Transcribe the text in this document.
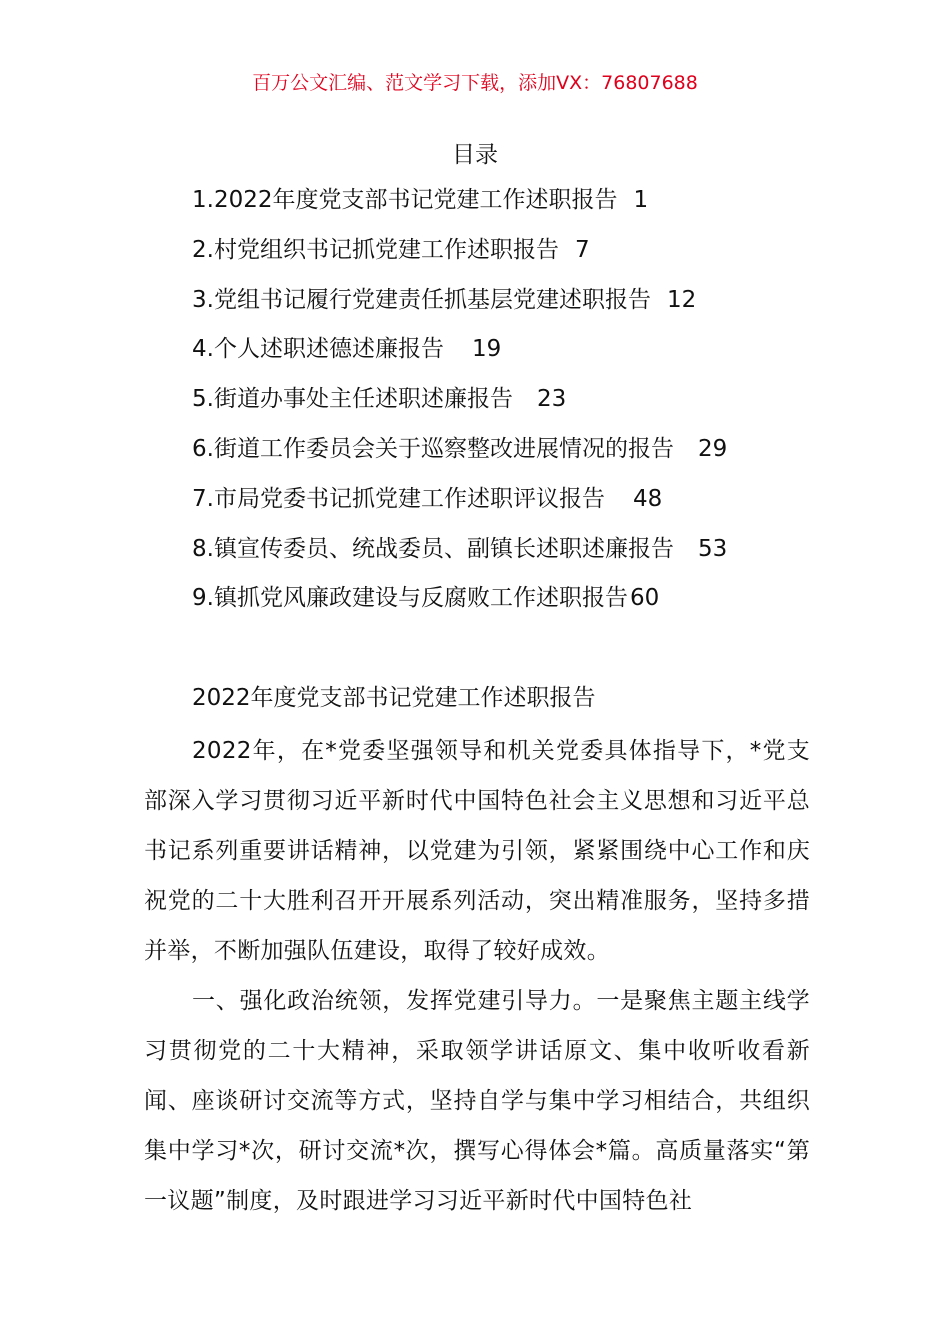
百万公文汇编、范文学习下载，添加VX：76807688
目录
1.2022年度党支部书记党建工作述职报告 1
2.村党组织书记抓党建工作述职报告 7
3.党组书记履行党建责任抓基层党建述职报告 12
4.个人述职述德述廉报告 19
5.街道办事处主任述职述廉报告 23
6.街道工作委员会关于巡察整改进展情况的报告 29
7.市局党委书记抓党建工作述职评议报告 48
8.镇宣传委员、统战委员、副镇长述职述廉报告 53
9.镇抓党风廉政建设与反腐败工作述职报告60
2022年度党支部书记党建工作述职报告

2022年，在*党委坚强领导和机关党委具体指导下，*党支部深入学习贯彻习近平新时代中国特色社会主义思想和习近平总书记系列重要讲话精神，以党建为引领，紧紧围绕中心工作和庆祝党的二十大胜利召开开展系列活动，突出精准服务，坚持多措并举，不断加强队伍建设，取得了较好成效。

一、强化政治统领，发挥党建引导力。一是聚焦主题主线学习贯彻党的二十大精神，采取领学讲话原文、集中收听收看新闻、座谈研讨交流等方式，坚持自学与集中学习相结合，共组织集中学习*次，研讨交流*次，撰写心得体会*篇。高质量落实“第一议题”制度，及时跟进学习习近平新时代中国特色社
